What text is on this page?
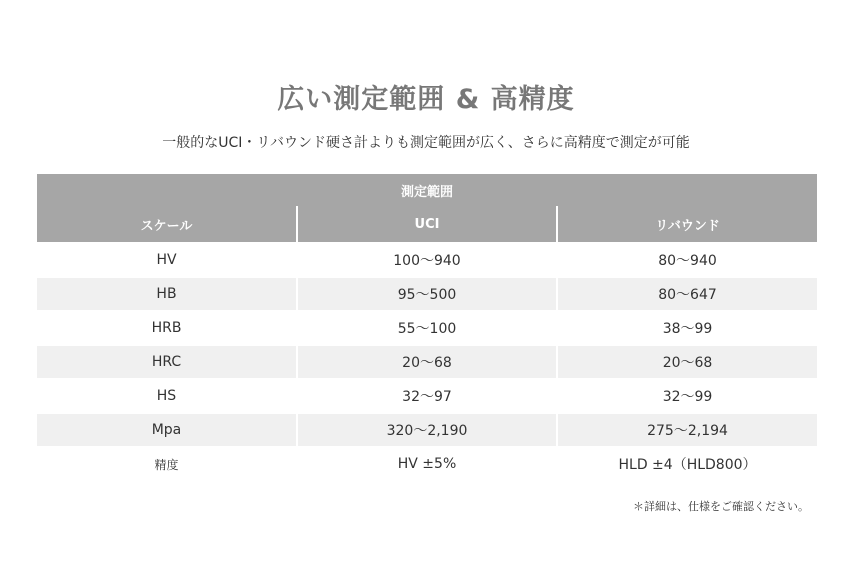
広い測定範囲 & 高精度

一般的なUCI・リバウンド硬さ計よりも測定範囲が広く、さらに高精度で測定が可能

測定範囲		
スケール	UCI	リバウンド
HV	100～940	80～940
HB	95～500	80～647
HRB	55～100	38～99
HRC	20～68	20～68
HS	32～97	32～99
Mpa	320～2,190	275～2,194
精度	HV ±5%	HLD ±4（HLD800）

＊詳細は、仕様をご確認ください。
